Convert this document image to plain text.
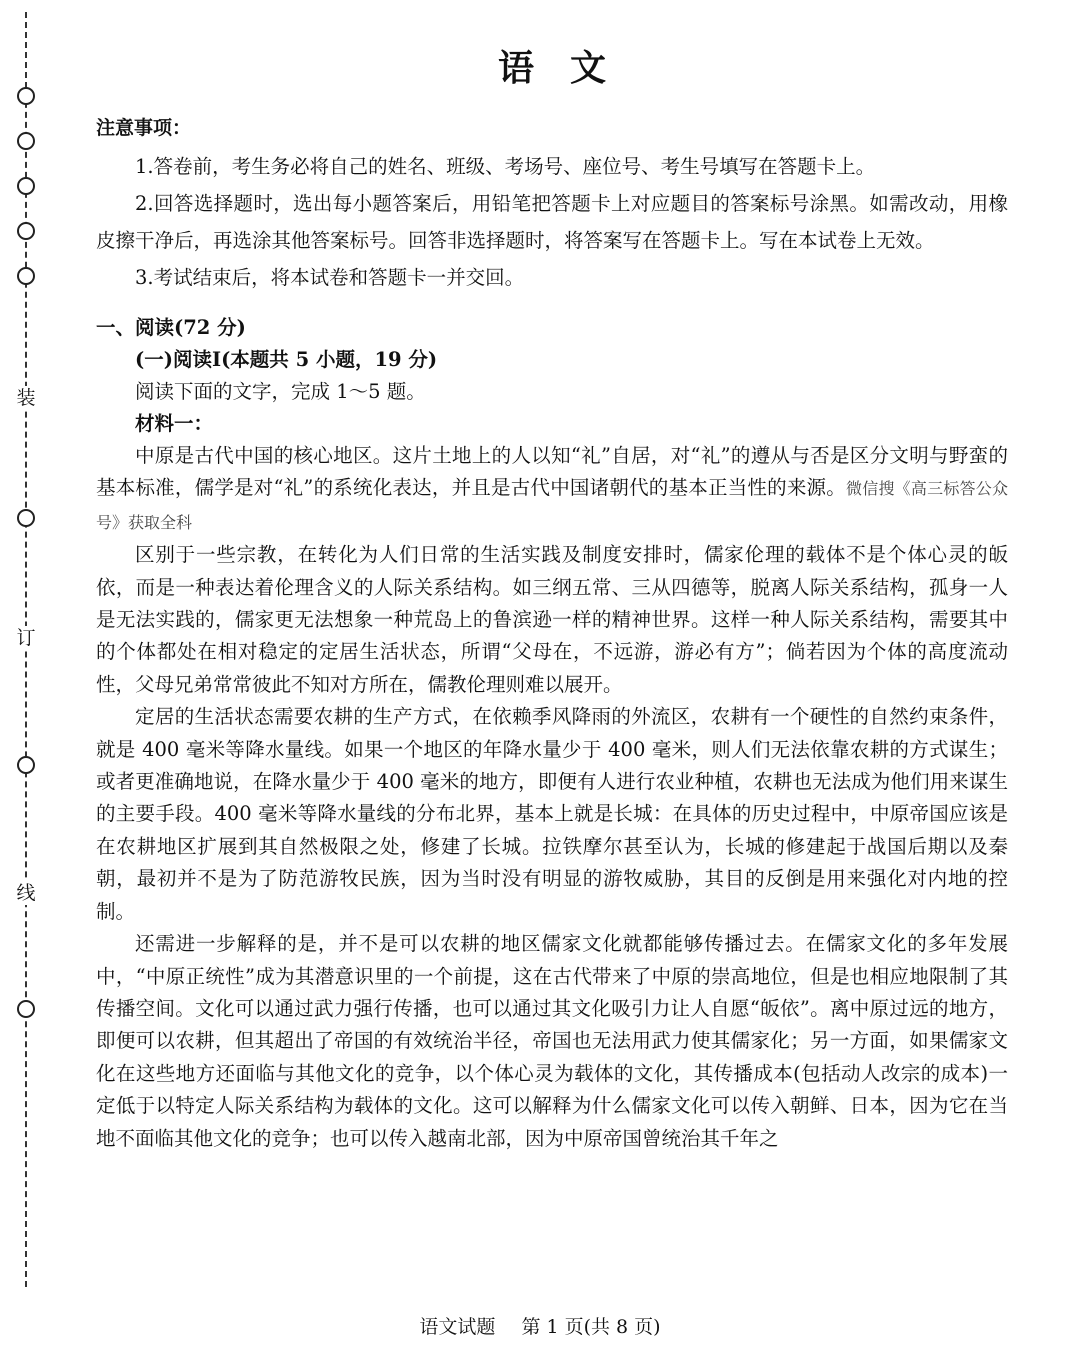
装
订
线
语文
注意事项：

1.答卷前，考生务必将自己的姓名、班级、考场号、座位号、考生号填写在答题卡上。

2.回答选择题时，选出每小题答案后，用铅笔把答题卡上对应题目的答案标号涂黑。如需改动，用橡皮擦干净后，再选涂其他答案标号。回答非选择题时，将答案写在答题卡上。写在本试卷上无效。

3.考试结束后，将本试卷和答题卡一并交回。

一、阅读(72 分)
(一)阅读Ⅰ(本题共 5 小题，19 分)

阅读下面的文字，完成 1～5 题。

材料一：

中原是古代中国的核心地区。这片土地上的人以知“礼”自居，对“礼”的遵从与否是区分文明与野蛮的基本标准，儒学是对“礼”的系统化表达，并且是古代中国诸朝代的基本正当性的来源。微信搜《高三标答公众号》获取全科

区别于一些宗教，在转化为人们日常的生活实践及制度安排时，儒家伦理的载体不是个体心灵的皈依，而是一种表达着伦理含义的人际关系结构。如三纲五常、三从四德等，脱离人际关系结构，孤身一人是无法实践的，儒家更无法想象一种荒岛上的鲁滨逊一样的精神世界。这样一种人际关系结构，需要其中的个体都处在相对稳定的定居生活状态，所谓“父母在，不远游，游必有方”；倘若因为个体的高度流动性，父母兄弟常常彼此不知对方所在，儒教伦理则难以展开。

定居的生活状态需要农耕的生产方式，在依赖季风降雨的外流区，农耕有一个硬性的自然约束条件，就是 400 毫米等降水量线。如果一个地区的年降水量少于 400 毫米，则人们无法依靠农耕的方式谋生；或者更准确地说，在降水量少于 400 毫米的地方，即便有人进行农业种植，农耕也无法成为他们用来谋生的主要手段。400 毫米等降水量线的分布北界，基本上就是长城：在具体的历史过程中，中原帝国应该是在农耕地区扩展到其自然极限之处，修建了长城。拉铁摩尔甚至认为，长城的修建起于战国后期以及秦朝，最初并不是为了防范游牧民族，因为当时没有明显的游牧威胁，其目的反倒是用来强化对内地的控制。

还需进一步解释的是，并不是可以农耕的地区儒家文化就都能够传播过去。在儒家文化的多年发展中，“中原正统性”成为其潜意识里的一个前提，这在古代带来了中原的崇高地位，但是也相应地限制了其传播空间。文化可以通过武力强行传播，也可以通过其文化吸引力让人自愿“皈依”。离中原过远的地方，即便可以农耕，但其超出了帝国的有效统治半径，帝国也无法用武力使其儒家化；另一方面，如果儒家文化在这些地方还面临与其他文化的竞争，以个体心灵为载体的文化，其传播成本(包括动人改宗的成本)一定低于以特定人际关系结构为载体的文化。这可以解释为什么儒家文化可以传入朝鲜、日本，因为它在当地不面临其他文化的竞争；也可以传入越南北部，因为中原帝国曾统治其千年之

语文试题 第 1 页(共 8 页)
